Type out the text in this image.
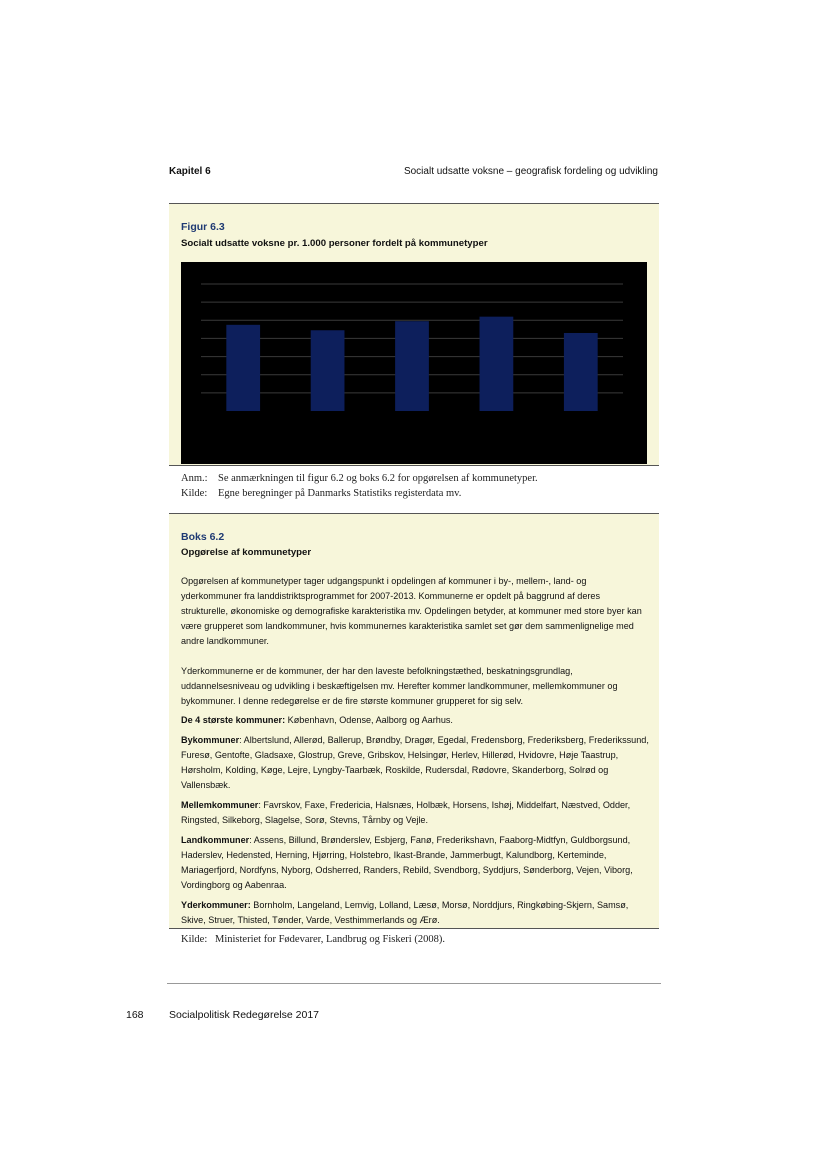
Kapitel 6	Socialt udsatte voksne – geografisk fordeling og udvikling
Figur 6.3
Socialt udsatte voksne pr. 1.000 personer fordelt på kommunetyper
Anm.: Se anmærkningen til figur 6.2 og boks 6.2 for opgørelsen af kommunetyper.
Kilde: Egne beregninger på Danmarks Statistiks registerdata mv.
Boks 6.2
Opgørelse af kommunetyper

Opgørelsen af kommunetyper tager udgangspunkt i opdelingen af kommuner i by-, mellem-, land- og yderkommuner fra landdistriktsprogrammet for 2007-2013. Kommunerne er opdelt på baggrund af deres strukturelle, økonomiske og demografiske karakteristika mv. Opdelingen betyder, at kommuner med store byer kan være grupperet som landkommuner, hvis kommunernes karakteristika samlet set gør dem sammenlignelige med andre landkommuner.

Yderkommunerne er de kommuner, der har den laveste befolkningstæthed, beskatningsgrundlag, uddannelsesniveau og udvikling i beskæftigelsen mv. Herefter kommer landkommuner, mellemkommuner og bykommuner. I denne redegørelse er de fire største kommuner grupperet for sig selv.

De 4 største kommuner: København, Odense, Aalborg og Aarhus.
Bykommuner: Albertslund, Allerød, Ballerup, Brøndby, Dragør, Egedal, Fredensborg, Frederiksberg, Frederikssund, Furesø, Gentofte, Gladsaxe, Glostrup, Greve, Gribskov, Helsingør, Herlev, Hillerød, Hvidovre, Høje Taastrup, Hørsholm, Kolding, Køge, Lejre, Lyngby-Taarbæk, Roskilde, Rudersdal, Rødovre, Skanderborg, Solrød og Vallensbæk.
Mellemkommuner: Favrskov, Faxe, Fredericia, Halsnæs, Holbæk, Horsens, Ishøj, Middelfart, Næstved, Odder, Ringsted, Silkeborg, Slagelse, Sorø, Stevns, Tårnby og Vejle.
Landkommuner: Assens, Billund, Brønderslev, Esbjerg, Fanø, Frederikshavn, Faaborg-Midtfyn, Guldborgsund, Haderslev, Hedensted, Herning, Hjørring, Holstebro, Ikast-Brande, Jammerbugt, Kalundborg, Kerteminde, Mariagerfjord, Nordfyns, Nyborg, Odsherred, Randers, Rebild, Svendborg, Syddjurs, Sønderborg, Vejen, Viborg, Vordingborg og Aabenraa.
Yderkommuner: Bornholm, Langeland, Lemvig, Lolland, Læsø, Morsø, Norddjurs, Ringkøbing-Skjern, Samsø, Skive, Struer, Thisted, Tønder, Varde, Vesthimmerlands og Ærø.
Kilde: Ministeriet for Fødevarer, Landbrug og Fiskeri (2008).
168 Socialpolitisk Redegørelse 2017
